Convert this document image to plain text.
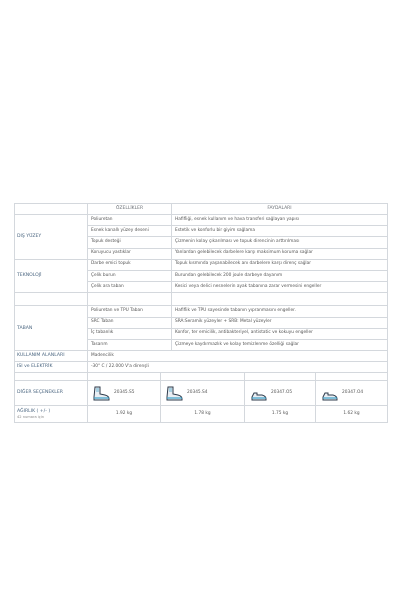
	ÖZELLİKLER		FAYDALARI		
DIŞ YÜZEY	Poliuretan		Hafifliği, esnek kullanım ve hava transferi sağlayan yapısı		
	Esnek kanallı yüzey deseni		Estetik ve konforlu bir giyim sağlama		
	Topuk desteği		Çizmenin kolay çıkarılması ve topuk direncinin arttırılması		
	Koruyucu yastıklar		Yanlardan gelebilecek darbelere karşı maksimum koruma sağlar		
TEKNOLOJİ	Darbe emici topuk		Topuk kısmında yaşanabilecek anı darbelere karşı direnç sağlar		
	Çelik burun		Burundan gelebilecek 200 joule darbeye dayanım		
	Çelik ara taban		Kesici veya delici nesnelerin ayak tabanına zarar vermesini engeller		

TABAN	Poliuretan ve TPU Taban		Hafiflik ve TPU sayesinde tabanın yıpranmasını engeller.		
	SRC Taban		SRA:Seramik yüzeyler + SRB: Metal yüzeyler		
	İç tabanlık		Konfor, ter emicilik, antibakteriyel, antistatic ve kokuyu engeller		
	Tasarım		Çizmeye kaydırmazlık ve kolay temizlenme özelliği sağlar		
KULLANIM ALANLARI	Madencilik				
ISI ve ELEKTRİK	-30° C / 22.000 V'a direnşli				

DİĞER SEÇENEKLER	20345.S5	20345.S4		20347.O5	20347.O4

AĞIRLIK ( +/- )
42 numara için	1.92 kg	1.78 kg		1.75 kg	1.62 kg
